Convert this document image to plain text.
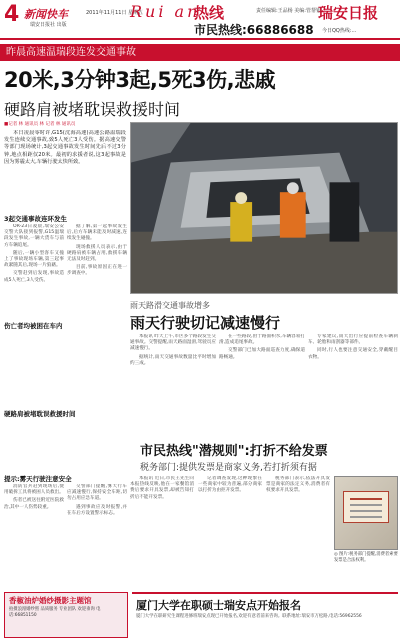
4 新闻快车
瑞安日报社 出版
2011年11月11日 星期五
Rui an
热线
市民热线:66886688
责任编辑:王品杨 美编:管帮银
瑞安日报
今日QQ热线:...
昨晨高速温瑞段连发交通事故
20米,3分钟3起,5死3伤,悲戚
硬路肩被堵耽误救援时间
■记者 林 通讯员 林 记者 林 通讯员

本日凌晨零时许,G15(沈海高速)高速公路温瑞段发生连续交通事故,致5人死亡3人受伤。据高速交警等部门现场统计,3起交通事故发生时间先后不过3分钟,地点相距仅20米。最初的求援者说,这3起事故是因为雾霾太大,车辆行驶太快所致。

3起交通事故连环发生

OR-23日凌晨,瑞安公安交警大队接到报警,G15温瑞段发生事故,一辆大货车与前方车辆追尾。

随后,一辆小型客车又撞上了事故现场车辆,第三起事故紧随其后,现场一片狼藉。

交警赶到后发现,事故造成5人死亡,3人受伤。

据了解,第一起事故发生后,后方车辆未能及时减速,连续发生碰撞。

现场救援人员表示,由于硬路肩被车辆占用,救援车辆无法及时赶到。

目前,事故原因正在进一步调查中。

伤亡者均被困在车内
硬路肩被堵耽误救援时间
提示:雾天行驶注意安全

消防官兵赶到现场后,使用破拆工具将被困人员救出。

伤者已被送往附近医院救治,其中一人伤势较重。

交警部门提醒,雾天行车应减速慢行,保持安全车距,切勿占用应急车道。

遇到事故应及时报警,并在车后方设置警示标志。

雨天路滑交通事故增多
雨天行驶切记减速慢行

本报讯 昨天上午,市区多个路段发生交通事故。交警提醒,雨天路面湿滑,驾驶员应减速慢行。

据统计,雨天交通事故数量比平时增加约三成。

在一些路段,由于路面积水,车辆容易打滑,造成追尾事故。

交警部门已加大路面巡查力度,确保道路畅通。

专家建议,雨天出行应提前检查车辆刹车、轮胎和雨刮器等部件。

同时,行人也要注意交通安全,穿戴醒目衣物。

市民热线"潜规则":打折不给发票
税务部门:提供发票是商家义务,若打折须有据

本报讯 近日,市民王先生向本报热线反映,他在一家餐馆消费后要求开具发票,却被告知打折后不能开发票。

记者调查发现,这种现象在一些商家中较为普遍,部分商家以打折为由拒开发票。

税务部门表示,依法开具发票是商家的法定义务,消费者有权要求开具发票。

◎ 图片:税务部门提醒,消费者索要发票是合法权利。
香椒油炉婚纱摄影主题馆
拍摄浪漫婚纱照 品质服务 专业团队 欢迎垂询 电话:66851150
厦门大学在职硕士瑞安点开始报名
厦门大学在职研究生课程进修班瑞安点现已开始报名,欢迎有意者前来咨询。联系地址:瑞安市万松路,电话:56962556
